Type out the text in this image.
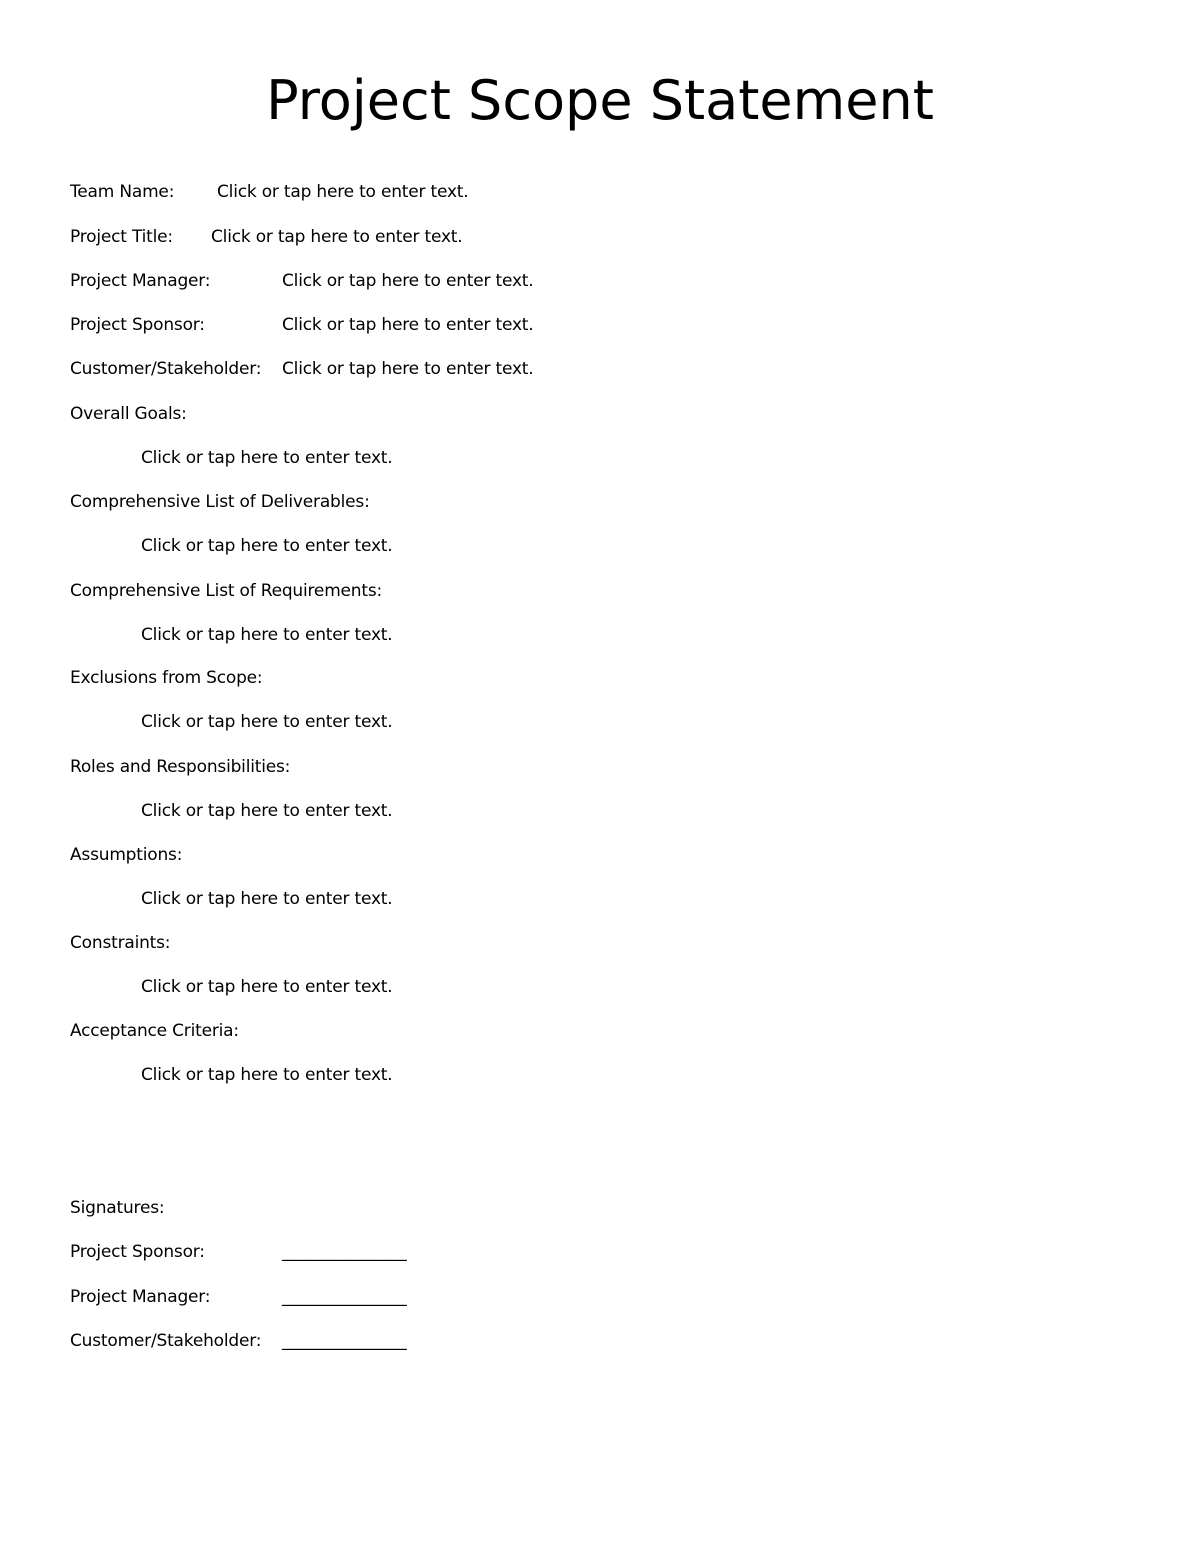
Project Scope Statement
Team Name:	Click or tap here to enter text.
Project Title: Click or tap here to enter text.
Project Manager:	Click or tap here to enter text.
Project Sponsor:	Click or tap here to enter text.
Customer/Stakeholder: Click or tap here to enter text.
Overall Goals:
Click or tap here to enter text.
Comprehensive List of Deliverables:
Click or tap here to enter text.
Comprehensive List of Requirements:
Click or tap here to enter text.
Exclusions from Scope:
Click or tap here to enter text.
Roles and Responsibilities:
Click or tap here to enter text.
Assumptions:
Click or tap here to enter text.
Constraints:
Click or tap here to enter text.
Acceptance Criteria:
Click or tap here to enter text.
Signatures:
Project Sponsor:	_______________
Project Manager:	_______________
Customer/Stakeholder: _______________
